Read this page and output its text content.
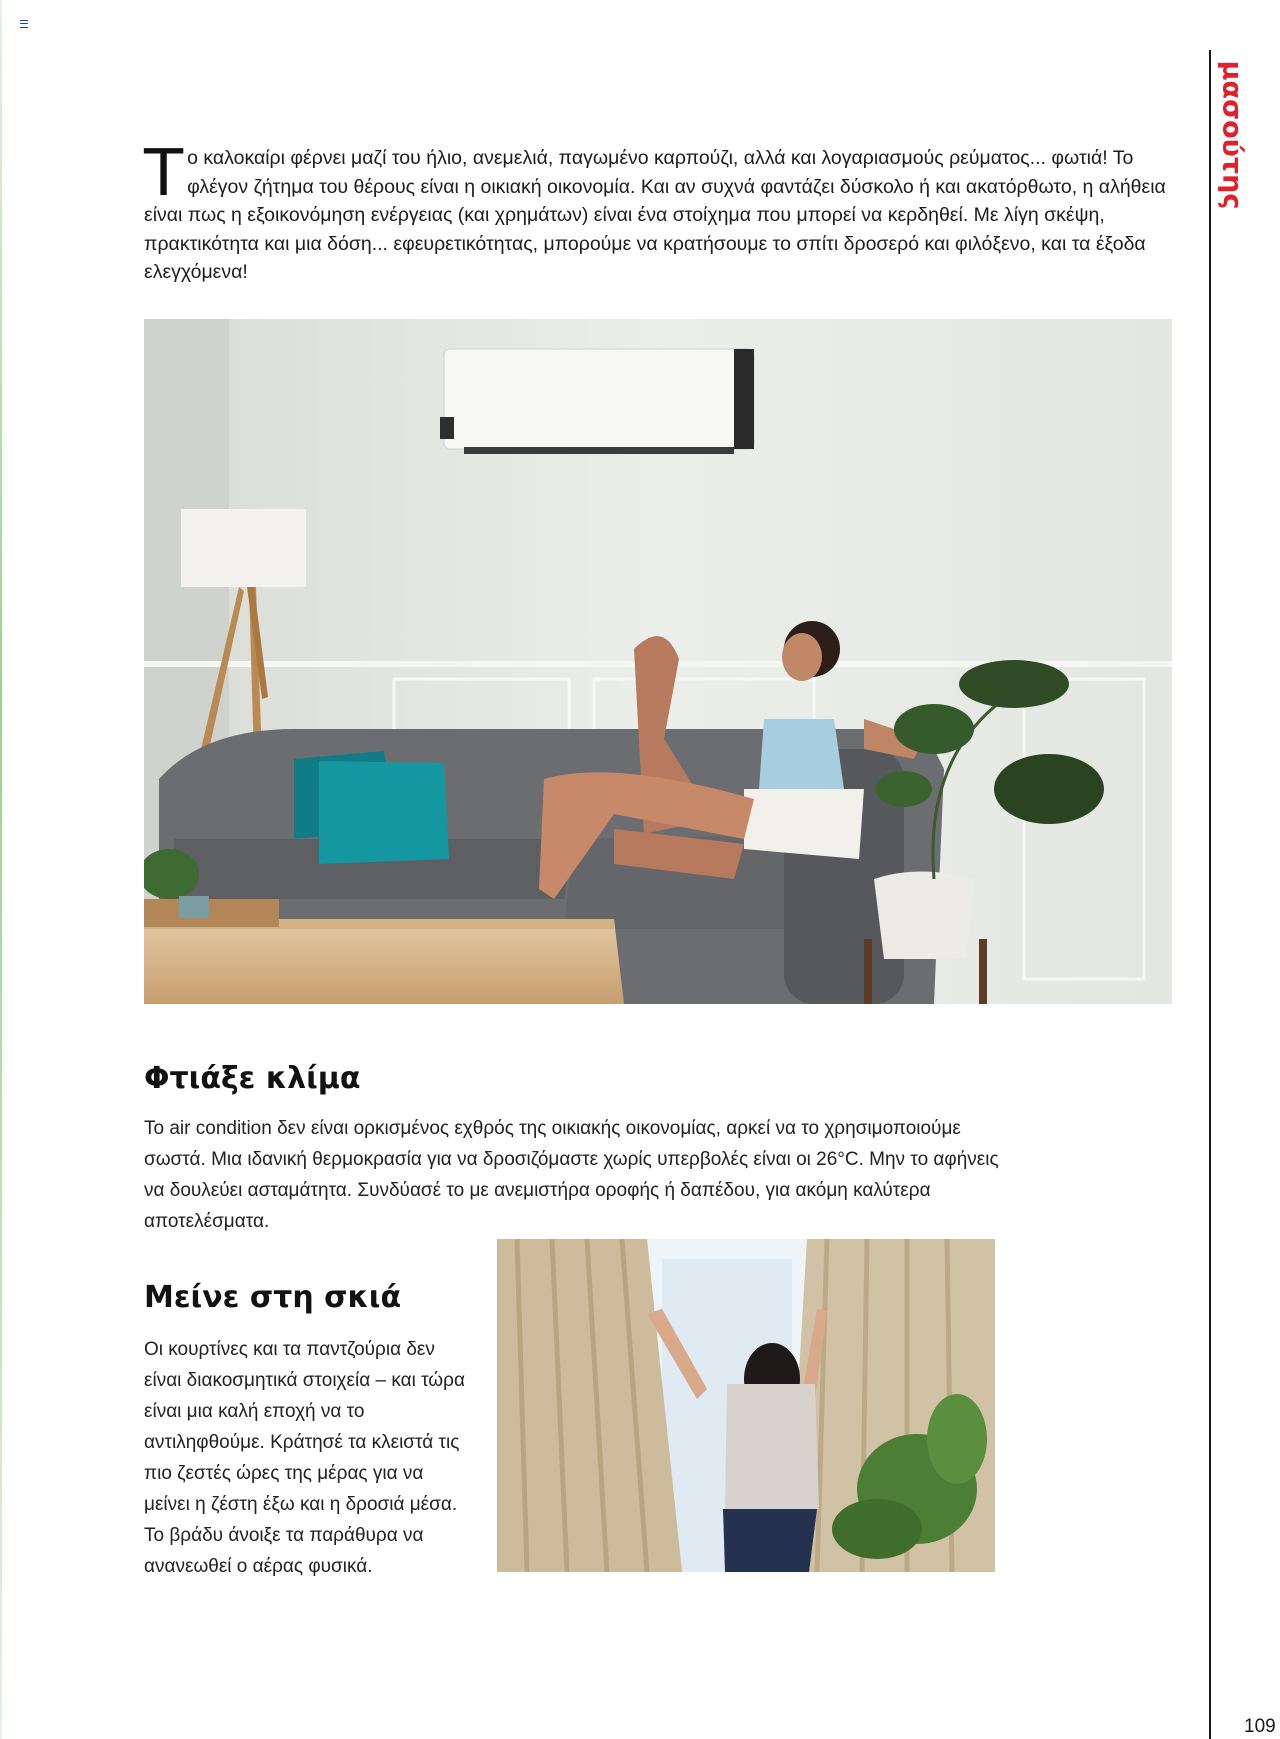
Το καλοκαίρι φέρνει μαζί του ήλιο, ανεμελιά, παγωμένο καρπούζι, αλλά και λογαριασμούς ρεύματος... φωτιά! Το φλέγον ζήτημα του θέρους είναι η οικιακή οικονομία. Και αν συχνά φαντάζει δύσκολο ή και ακατόρθωτο, η αλήθεια είναι πως η εξοικονόμηση ενέργειας (και χρημάτων) είναι ένα στοίχημα που μπορεί να κερδηθεί. Με λίγη σκέψη, πρακτικότητα και μια δόση... εφευρετικότητας, μπορούμε να κρατήσουμε το σπίτι δροσερό και φιλόξενο, και τα έξοδα ελεγχόμενα!

Φτιάξε κλίμα

Το air condition δεν είναι ορκισμένος εχθρός της οικιακής οικονομίας, αρκεί να το χρησιμοποιούμε σωστά. Μια ιδανική θερμοκρασία για να δροσιζόμαστε χωρίς υπερβολές είναι οι 26°C. Μην το αφήνεις να δουλεύει ασταμάτητα. Συνδύασέ το με ανεμιστήρα οροφής ή δαπέδου, για ακόμη καλύτερα αποτελέσματα.

Μείνε στη σκιά

Οι κουρτίνες και τα παντζούρια δεν είναι διακοσμητικά στοιχεία – και τώρα είναι μια καλή εποχή να το αντιληφθούμε. Κράτησέ τα κλειστά τις πιο ζεστές ώρες της μέρας για να μείνει η ζέστη έξω και η δροσιά μέσα. Το βράδυ άνοιξε τα παράθυρα να ανανεωθεί ο αέρας φυσικά.

μασούτης
109
